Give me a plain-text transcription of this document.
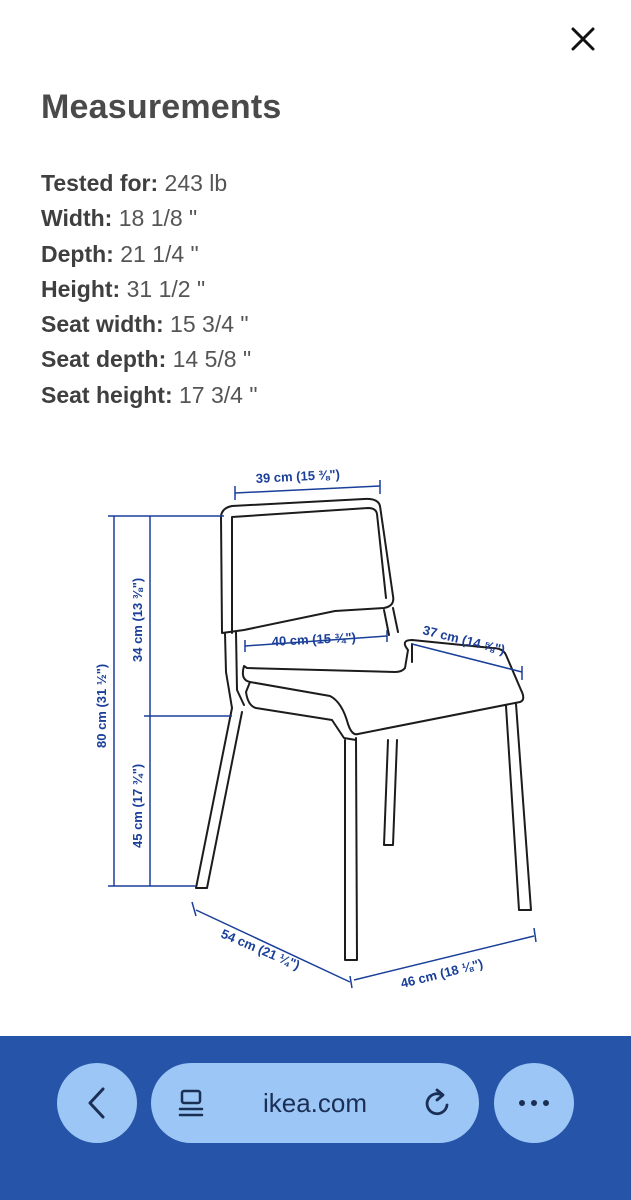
Measurements
Tested for: 243 lb
Width: 18 1/8 "
Depth: 21 1/4 "
Height: 31 1/2 "
Seat width: 15 3/4 "
Seat depth: 14 5/8 "
Seat height: 17 3/4 "
39 cm (15 ⅜")
40 cm (15 ¾")	37 cm (14 ⅝")
80 cm (31 ½")
34 cm (13 ⅜")
45 cm (17 ¾")
54 cm (21 ¼")
46 cm (18 ⅛")
ikea.com
